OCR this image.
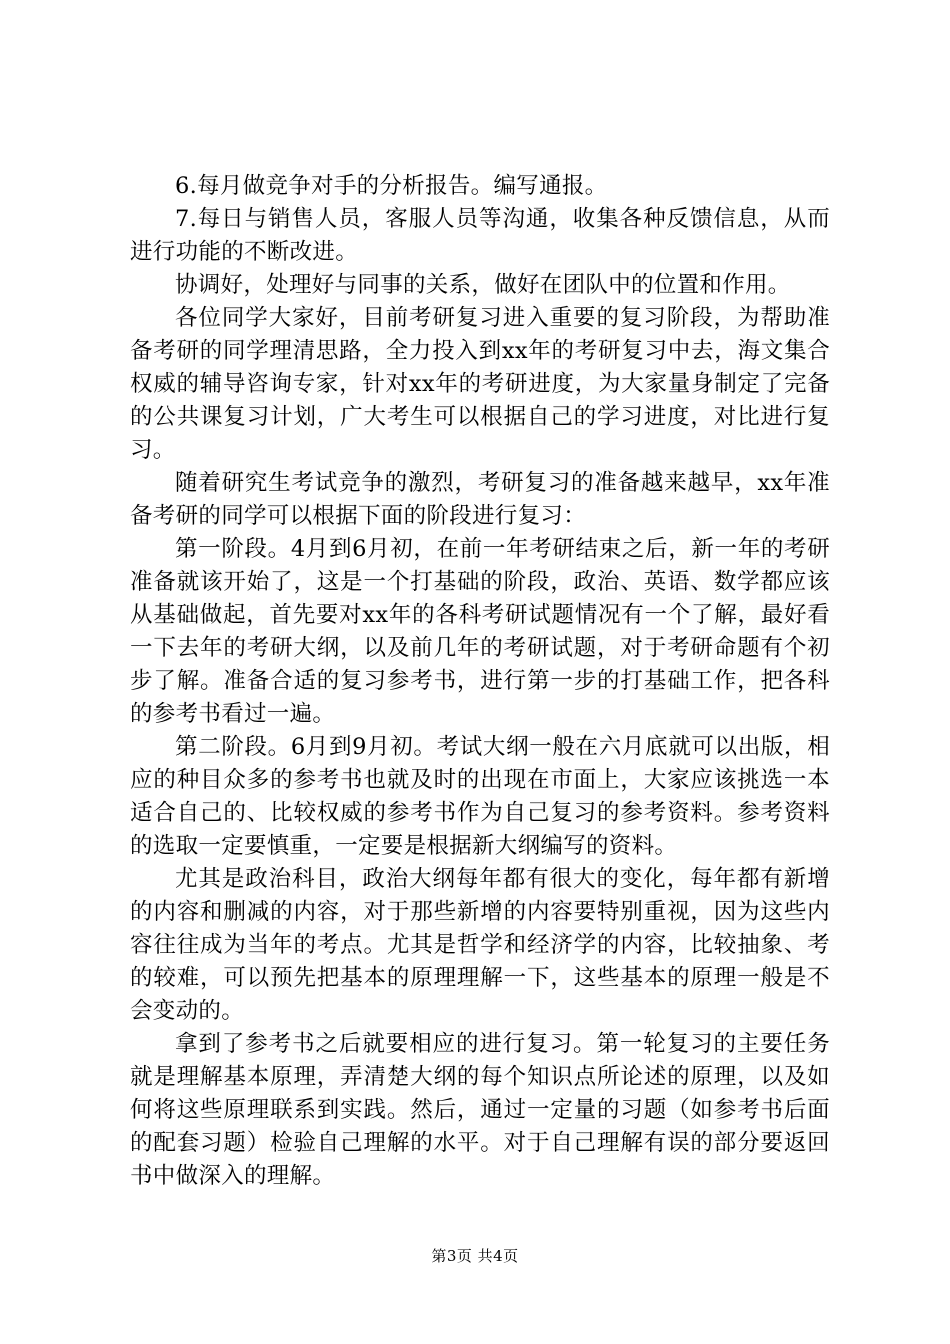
6.每月做竞争对手的分析报告。编写通报。

7.每日与销售人员，客服人员等沟通，收集各种反馈信息，从而进行功能的不断改进。

协调好，处理好与同事的关系，做好在团队中的位置和作用。

各位同学大家好，目前考研复习进入重要的复习阶段，为帮助准备考研的同学理清思路，全力投入到xx年的考研复习中去，海文集合权威的辅导咨询专家，针对xx年的考研进度，为大家量身制定了完备的公共课复习计划，广大考生可以根据自己的学习进度，对比进行复习。

随着研究生考试竞争的激烈，考研复习的准备越来越早，xx年准备考研的同学可以根据下面的阶段进行复习：

第一阶段。4月到6月初，在前一年考研结束之后，新一年的考研准备就该开始了，这是一个打基础的阶段，政治、英语、数学都应该从基础做起，首先要对xx年的各科考研试题情况有一个了解，最好看一下去年的考研大纲，以及前几年的考研试题，对于考研命题有个初步了解。准备合适的复习参考书，进行第一步的打基础工作，把各科的参考书看过一遍。

第二阶段。6月到9月初。考试大纲一般在六月底就可以出版，相应的种目众多的参考书也就及时的出现在市面上，大家应该挑选一本适合自己的、比较权威的参考书作为自己复习的参考资料。参考资料的选取一定要慎重，一定要是根据新大纲编写的资料。

尤其是政治科目，政治大纲每年都有很大的变化，每年都有新增的内容和删减的内容，对于那些新增的内容要特别重视，因为这些内容往往成为当年的考点。尤其是哲学和经济学的内容，比较抽象、考的较难，可以预先把基本的原理理解一下，这些基本的原理一般是不会变动的。

拿到了参考书之后就要相应的进行复习。第一轮复习的主要任务就是理解基本原理，弄清楚大纲的每个知识点所论述的原理，以及如何将这些原理联系到实践。然后，通过一定量的习题（如参考书后面的配套习题）检验自己理解的水平。对于自己理解有误的部分要返回书中做深入的理解。

第3页 共4页
